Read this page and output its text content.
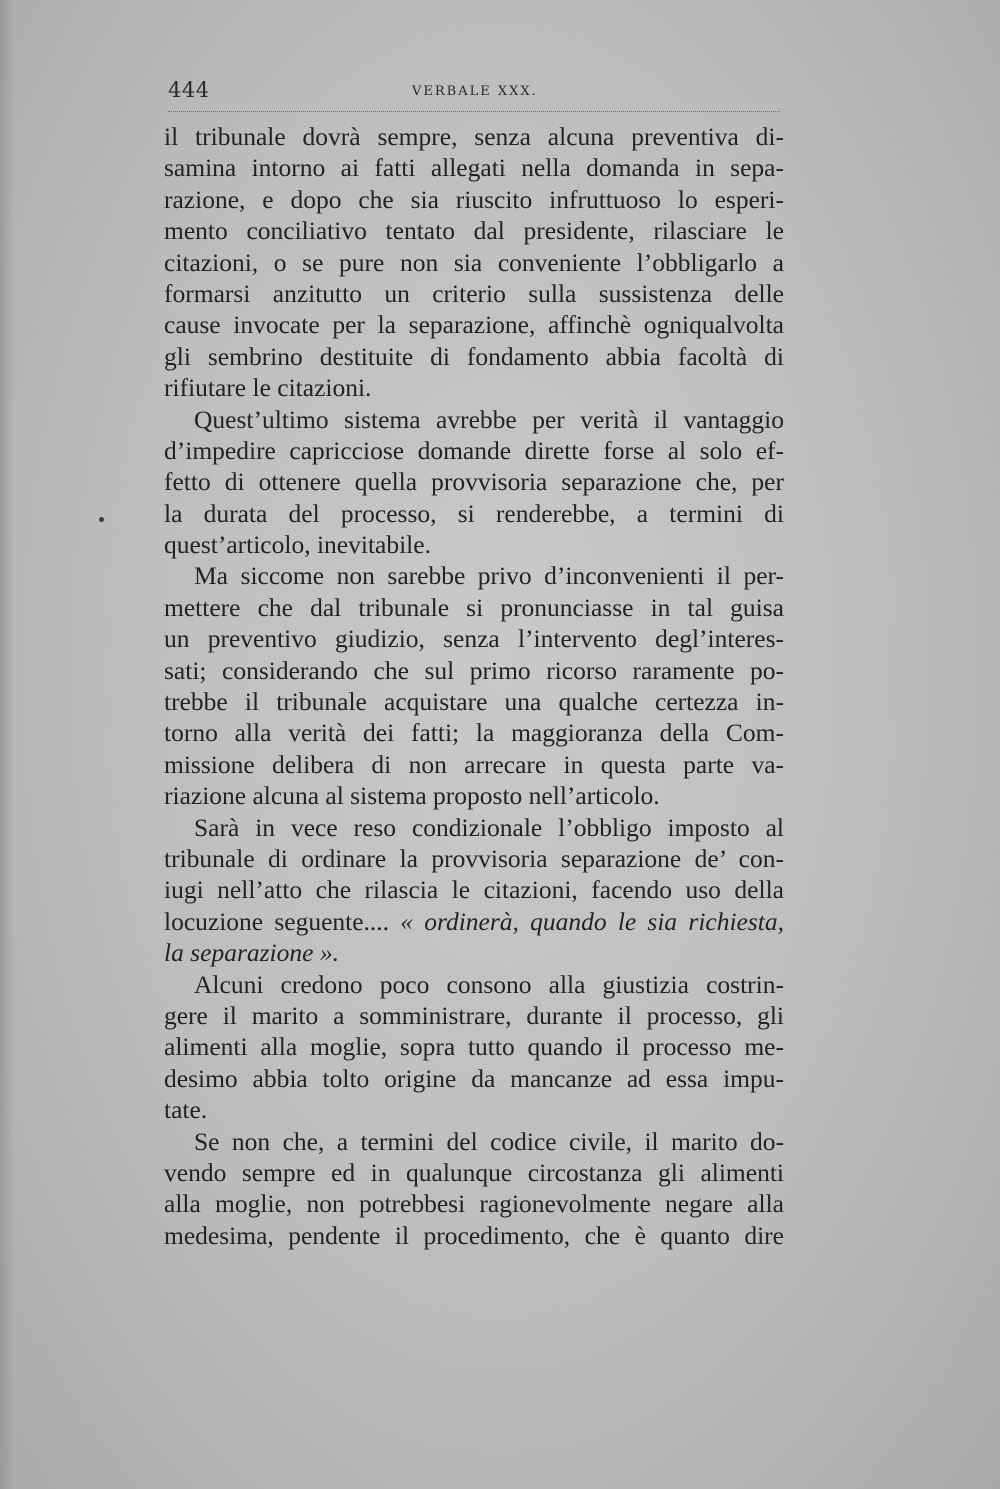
444	VERBALE XXX.
il tribunale dovrà sempre, senza alcuna preventiva di-
samina intorno ai fatti allegati nella domanda in sepa-
razione, e dopo che sia riuscito infruttuoso lo esperi-
mento conciliativo tentato dal presidente, rilasciare le
citazioni, o se pure non sia conveniente l’obbligarlo a
formarsi anzitutto un criterio sulla sussistenza delle
cause invocate per la separazione, affinchè ogniqualvolta
gli sembrino destituite di fondamento abbia facoltà di
rifiutare le citazioni.
Quest’ultimo sistema avrebbe per verità il vantaggio
d’impedire capricciose domande dirette forse al solo ef-
fetto di ottenere quella provvisoria separazione che, per
la durata del processo, si renderebbe, a termini di
quest’articolo, inevitabile.
Ma siccome non sarebbe privo d’inconvenienti il per-
mettere che dal tribunale si pronunciasse in tal guisa
un preventivo giudizio, senza l’intervento degl’interes-
sati; considerando che sul primo ricorso raramente po-
trebbe il tribunale acquistare una qualche certezza in-
torno alla verità dei fatti; la maggioranza della Com-
missione delibera di non arrecare in questa parte va-
riazione alcuna al sistema proposto nell’articolo.
Sarà in vece reso condizionale l’obbligo imposto al
tribunale di ordinare la provvisoria separazione de’ con-
iugi nell’atto che rilascia le citazioni, facendo uso della
locuzione seguente.... « ordinerà, quando le sia richiesta,
la separazione ».
Alcuni credono poco consono alla giustizia costrin-
gere il marito a somministrare, durante il processo, gli
alimenti alla moglie, sopra tutto quando il processo me-
desimo abbia tolto origine da mancanze ad essa impu-
tate.
Se non che, a termini del codice civile, il marito do-
vendo sempre ed in qualunque circostanza gli alimenti
alla moglie, non potrebbesi ragionevolmente negare alla
medesima, pendente il procedimento, che è quanto dire
